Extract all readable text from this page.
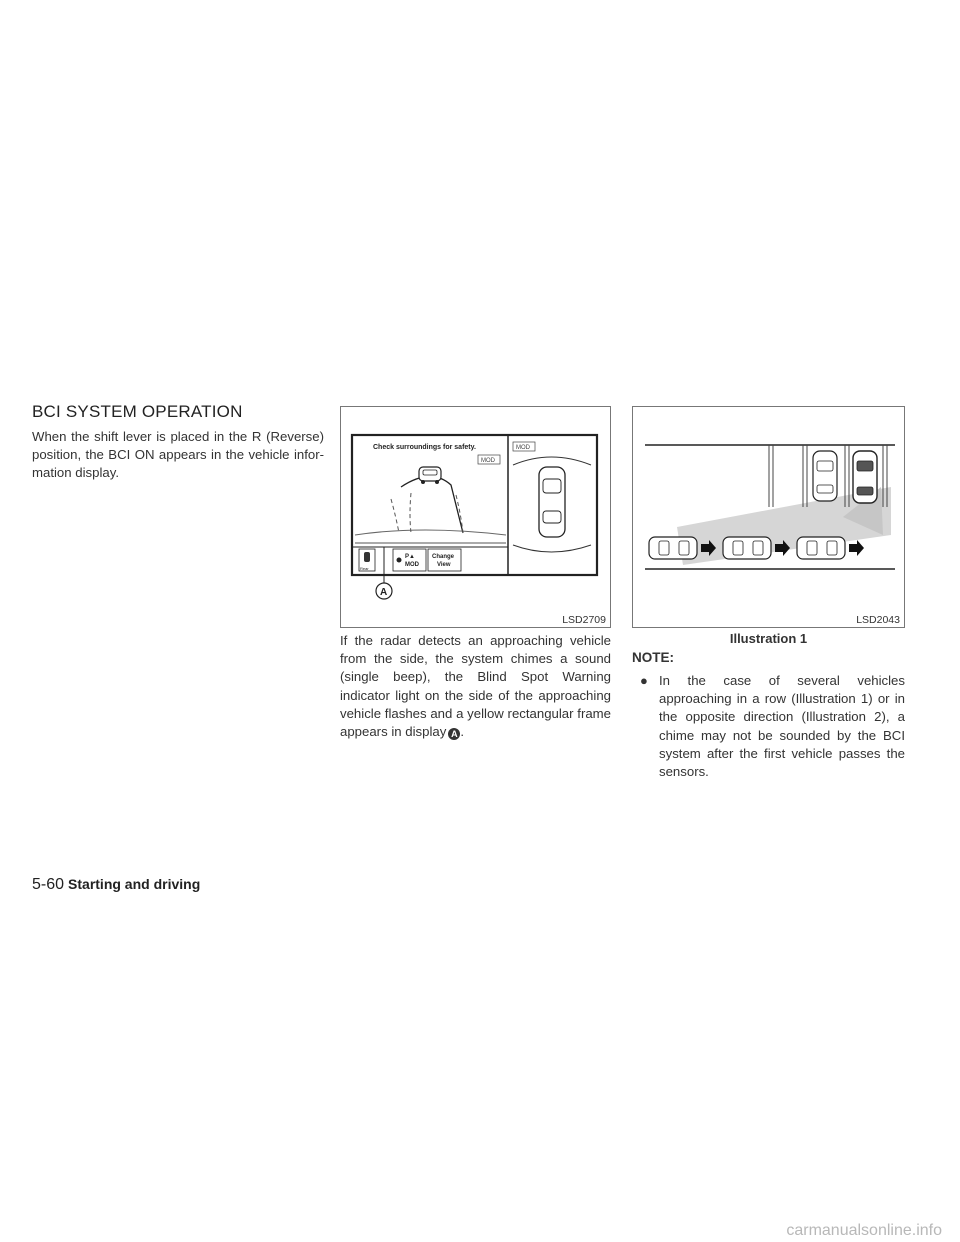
BCI SYSTEM OPERATION

When the shift lever is placed in the R (Reverse) position, the BCI ON appears in the vehicle infor-mation display.

Check surroundings for safety.
MOD
MOD
Rear
P▲
MOD
Change
View
A
LSD2709

If the radar detects an approaching vehicle from the side, the system chimes a sound (single beep), the Blind Spot Warning indicator light on the side of the approaching vehicle flashes and a yellow rectangular frame appears in display A .

LSD2043
Illustration 1
NOTE:
● In the case of several vehicles approaching in a row (Illustration 1) or in the opposite direction (Illustration 2), a chime may not be sounded by the BCI system after the first vehicle passes the sensors.
5-60 Starting and driving
carmanualsonline.info
